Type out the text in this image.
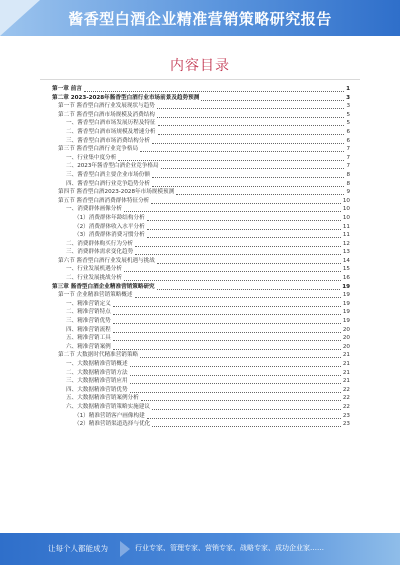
酱香型白酒企业精准营销策略研究报告
内容目录
第一章 前言	1
第二章 2023-2028年酱香型白酒行业市场前景及趋势预测	3
第一节 酱香型白酒行业发展现状与趋势	3
第二节 酱香型白酒市场规模及消费结构	5
一、酱香型白酒市场发展历程及特征	5
二、酱香型白酒市场规模及增速分析	6
三、酱香型白酒市场消费结构分析	6
第三节 酱香型白酒行业竞争格局	7
一、行业集中度分析	7
二、2023年酱香型白酒企业竞争格局	7
三、酱香型白酒主要企业市场份额	8
四、酱香型白酒行业竞争趋势分析	8
第四节 酱香型白酒2023-2028年市场规模预测	9
第五节 酱香型白酒消费群体特征分析	10
一、消费群体画像分析	10
（1）消费群体年龄结构分析	10
（2）消费群体收入水平分析	11
（3）消费群体消费习惯分析	11
二、消费群体购买行为分析	12
三、消费群体需求变化趋势	13
第六节 酱香型白酒行业发展机遇与挑战	14
一、行业发展机遇分析	15
二、行业发展挑战分析	16
第三章 酱香型白酒企业精准营销策略研究	19
第一节 企业精准营销策略概述	19
一、精准营销定义	19
二、精准营销特点	19
三、精准营销优势	19
四、精准营销流程	20
五、精准营销工具	20
六、精准营销案例	20
第二节 大数据时代精准营销策略	21
一、大数据精准营销概述	21
二、大数据精准营销方法	21
三、大数据精准营销应用	21
四、大数据精准营销优势	22
五、大数据精准营销案例分析	22
六、大数据精准营销策略实施建议	22
（1）精准营销客户画像构建	23
（2）精准营销渠道选择与优化	23
让每个人都能成为	行业专家、管理专家、营销专家、战略专家、成功企业家……
